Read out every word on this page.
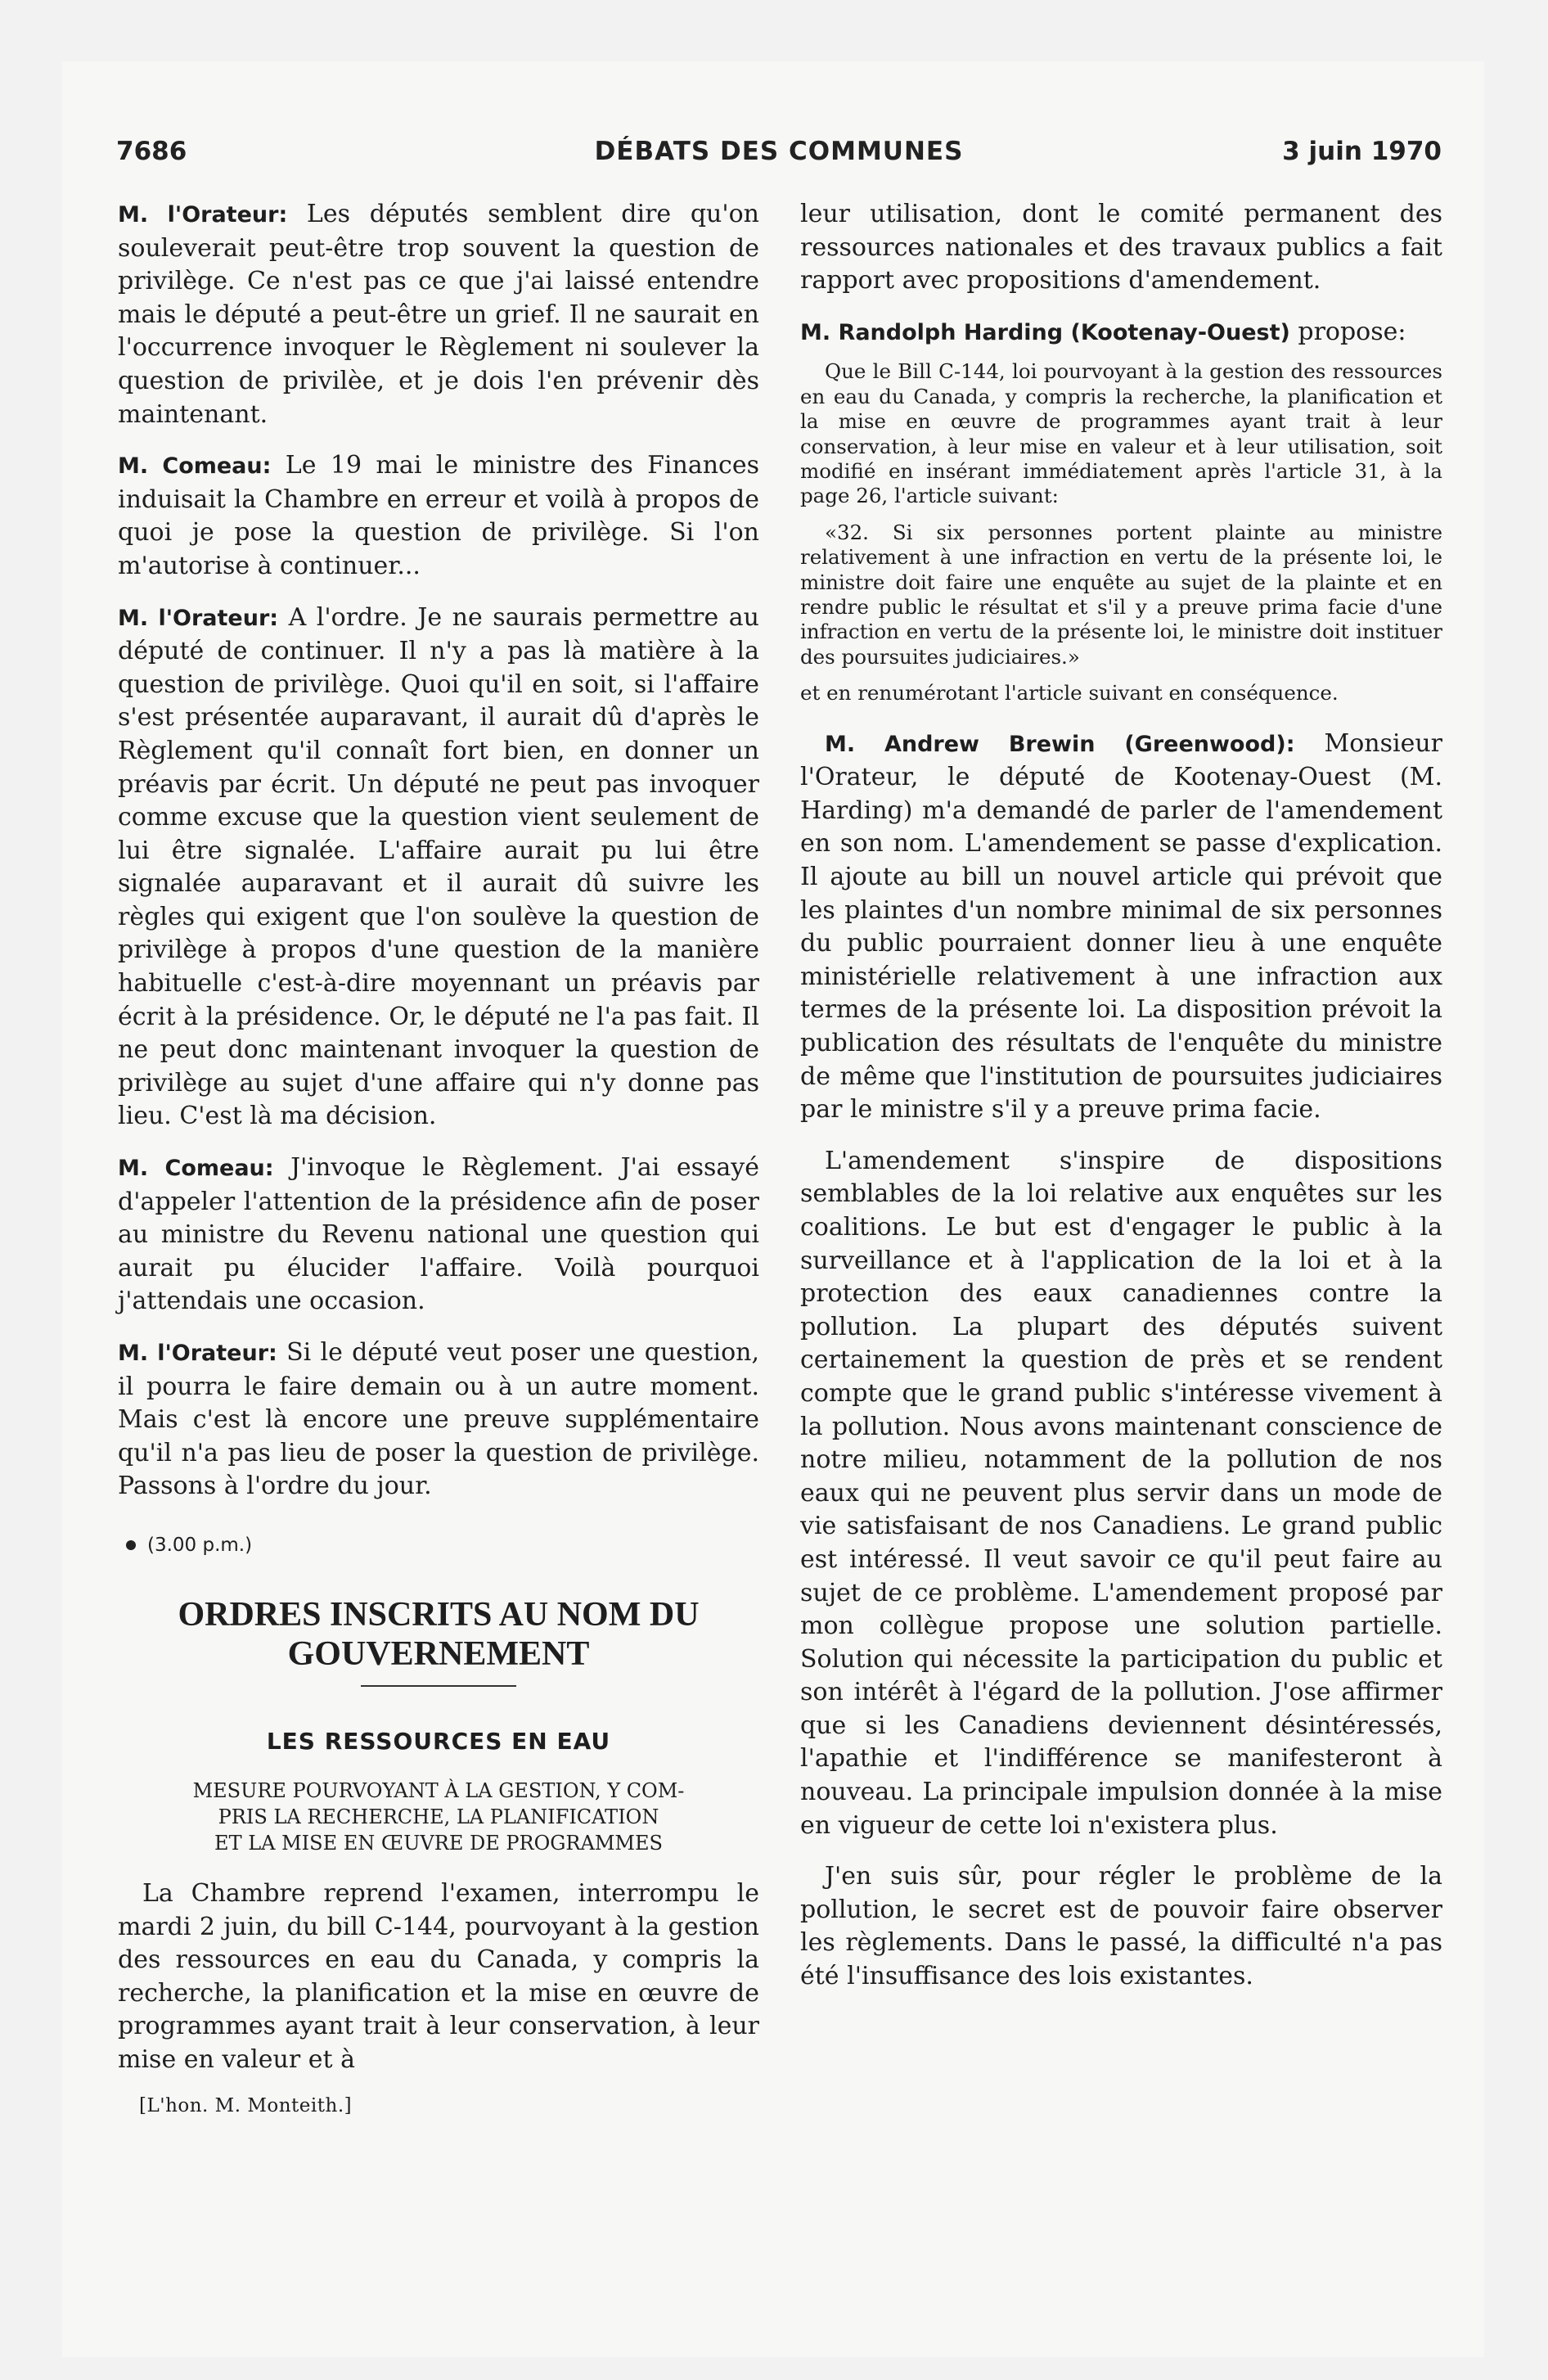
7686	DÉBATS DES COMMUNES	3 juin 1970

M. l'Orateur: Les députés semblent dire qu'on souleverait peut-être trop souvent la question de privilège. Ce n'est pas ce que j'ai laissé entendre mais le député a peut-être un grief. Il ne saurait en l'occurrence invoquer le Règlement ni soulever la question de privilèe, et je dois l'en prévenir dès maintenant.

M. Comeau: Le 19 mai le ministre des Finances induisait la Chambre en erreur et voilà à propos de quoi je pose la question de privilège. Si l'on m'autorise à continuer...

M. l'Orateur: A l'ordre. Je ne saurais permettre au député de continuer. Il n'y a pas là matière à la question de privilège. Quoi qu'il en soit, si l'affaire s'est présentée auparavant, il aurait dû d'après le Règlement qu'il connaît fort bien, en donner un préavis par écrit. Un député ne peut pas invoquer comme excuse que la question vient seulement de lui être signalée. L'affaire aurait pu lui être signalée auparavant et il aurait dû suivre les règles qui exigent que l'on soulève la question de privilège à propos d'une question de la manière habituelle c'est-à-dire moyennant un préavis par écrit à la présidence. Or, le député ne l'a pas fait. Il ne peut donc maintenant invoquer la question de privilège au sujet d'une affaire qui n'y donne pas lieu. C'est là ma décision.

M. Comeau: J'invoque le Règlement. J'ai essayé d'appeler l'attention de la présidence afin de poser au ministre du Revenu national une question qui aurait pu élucider l'affaire. Voilà pourquoi j'attendais une occasion.

M. l'Orateur: Si le député veut poser une question, il pourra le faire demain ou à un autre moment. Mais c'est là encore une preuve supplémentaire qu'il n'a pas lieu de poser la question de privilège. Passons à l'ordre du jour.

(3.00 p.m.)
ORDRES INSCRITS AU NOM DU
GOUVERNEMENT
LES RESSOURCES EN EAU
MESURE POURVOYANT À LA GESTION, Y COM-
PRIS LA RECHERCHE, LA PLANIFICATION
ET LA MISE EN ŒUVRE DE PROGRAMMES

La Chambre reprend l'examen, interrompu le mardi 2 juin, du bill C-144, pourvoyant à la gestion des ressources en eau du Canada, y compris la recherche, la planification et la mise en œuvre de programmes ayant trait à leur conservation, à leur mise en valeur et à

[L'hon. M. Monteith.]

leur utilisation, dont le comité permanent des ressources nationales et des travaux publics a fait rapport avec propositions d'amendement.

M. Randolph Harding (Kootenay-Ouest) propose:

Que le Bill C-144, loi pourvoyant à la gestion des ressources en eau du Canada, y compris la recherche, la planification et la mise en œuvre de programmes ayant trait à leur conservation, à leur mise en valeur et à leur utilisation, soit modifié en insérant immédiatement après l'article 31, à la page 26, l'article suivant:

«32. Si six personnes portent plainte au ministre relativement à une infraction en vertu de la présente loi, le ministre doit faire une enquête au sujet de la plainte et en rendre public le résultat et s'il y a preuve prima facie d'une infraction en vertu de la présente loi, le ministre doit instituer des poursuites judiciaires.»

et en renumérotant l'article suivant en conséquence.

M. Andrew Brewin (Greenwood): Monsieur l'Orateur, le député de Kootenay-Ouest (M. Harding) m'a demandé de parler de l'amendement en son nom. L'amendement se passe d'explication. Il ajoute au bill un nouvel article qui prévoit que les plaintes d'un nombre minimal de six personnes du public pourraient donner lieu à une enquête ministérielle relativement à une infraction aux termes de la présente loi. La disposition prévoit la publication des résultats de l'enquête du ministre de même que l'institution de poursuites judiciaires par le ministre s'il y a preuve prima facie.

L'amendement s'inspire de dispositions semblables de la loi relative aux enquêtes sur les coalitions. Le but est d'engager le public à la surveillance et à l'application de la loi et à la protection des eaux canadiennes contre la pollution. La plupart des députés suivent certainement la question de près et se rendent compte que le grand public s'intéresse vivement à la pollution. Nous avons maintenant conscience de notre milieu, notamment de la pollution de nos eaux qui ne peuvent plus servir dans un mode de vie satisfaisant de nos Canadiens. Le grand public est intéressé. Il veut savoir ce qu'il peut faire au sujet de ce problème. L'amendement proposé par mon collègue propose une solution partielle. Solution qui nécessite la participation du public et son intérêt à l'égard de la pollution. J'ose affirmer que si les Canadiens deviennent désintéressés, l'apathie et l'indifférence se manifesteront à nouveau. La principale impulsion donnée à la mise en vigueur de cette loi n'existera plus.

J'en suis sûr, pour régler le problème de la pollution, le secret est de pouvoir faire observer les règlements. Dans le passé, la difficulté n'a pas été l'insuffisance des lois existantes.
